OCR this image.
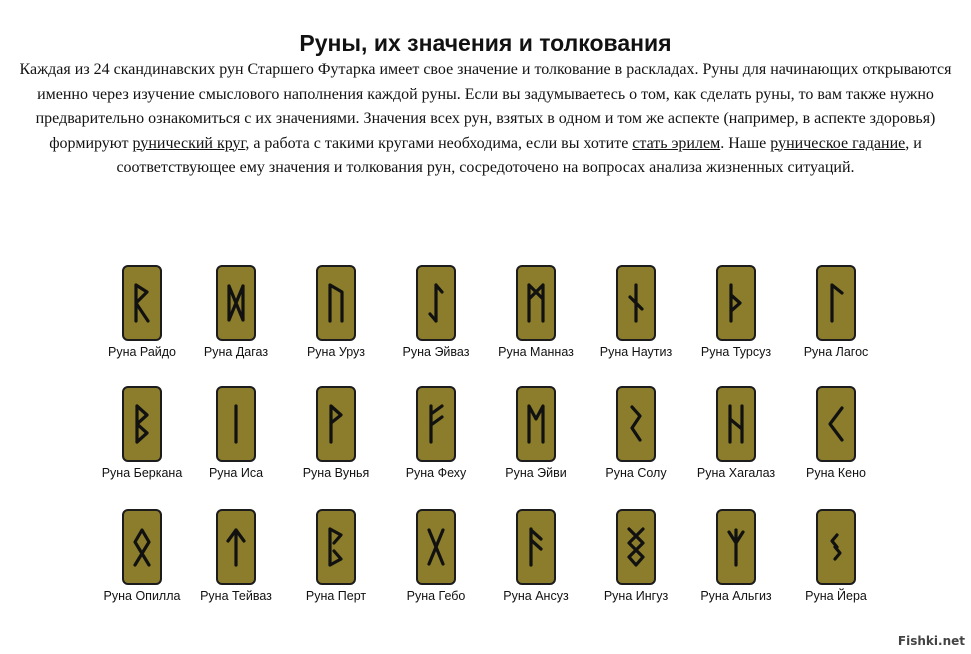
Руны, их значения и толкования

Каждая из 24 скандинавских рун Старшего Футарка имеет свое значение и толкование в раскладах. Руны для начинающих открываются именно через изучение смыслового наполнения каждой руны. Если вы задумываетесь о том, как сделать руны, то вам также нужно предварительно ознакомиться с их значениями. Значения всех рун, взятых в одном и том же аспекте (например, в аспекте здоровья) формируют рунический круг, а работа с такими кругами необходима, если вы хотите стать эрилем. Наше руническое гадание, и соответствующее ему значения и толкования рун, сосредоточено на вопросах анализа жизненных ситуаций.

Руна Райдо	Руна Дагаз	Руна Уруз	Руна Эйваз	Руна Манназ	Руна Наутиз	Руна Турсуз	Руна Лагос
Руна Беркана	Руна Иса	Руна Вунья	Руна Феху	Руна Эйви	Руна Солу	Руна Хагалаз	Руна Кено
Руна Опилла	Руна Тейваз	Руна Перт	Руна Гебо	Руна Ансуз	Руна Ингуз	Руна Альгиз	Руна Йера
Fishki.net
